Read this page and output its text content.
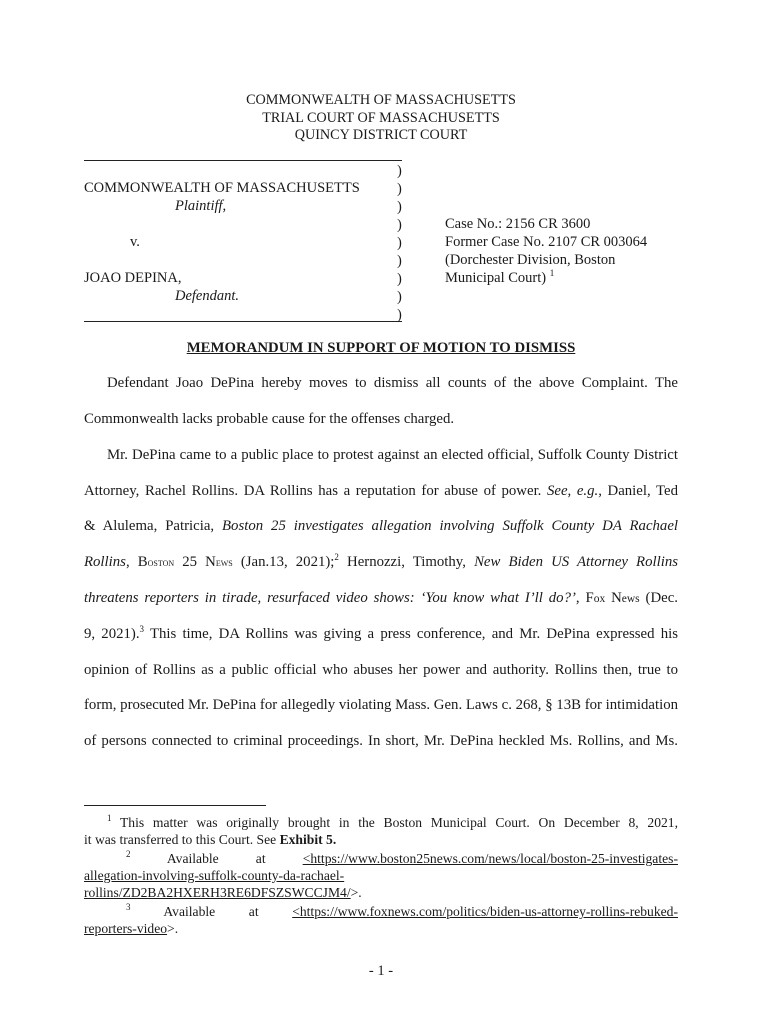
COMMONWEALTH OF MASSACHUSETTS
TRIAL COURT OF MASSACHUSETTS
QUINCY DISTRICT COURT
)
)
)
)
)
)
)
)
)
COMMONWEALTH OF MASSACHUSETTS
Plaintiff,
v.
JOAO DEPINA,
Defendant.
Case No.: 2156 CR 3600
Former Case No. 2107 CR 003064
(Dorchester Division, Boston
Municipal Court) $^1$
MEMORANDUM IN SUPPORT OF MOTION TO DISMISS
Defendant Joao DePina hereby moves to dismiss all counts of the above Complaint. The
Commonwealth lacks probable cause for the offenses charged.
Mr. DePina came to a public place to protest against an elected official, Suffolk County District
Attorney, Rachel Rollins. DA Rollins has a reputation for abuse of power. See, e.g., Daniel, Ted
& Alulema, Patricia, Boston 25 investigates allegation involving Suffolk County DA Rachael
Rollins, Boston 25 News (Jan.13, 2021);$^2$ Hernozzi, Timothy, New Biden US Attorney Rollins
threatens reporters in tirade, resurfaced video shows: ‘You know what I’ll do?’, Fox News (Dec.
9, 2021).$^3$ This time, DA Rollins was giving a press conference, and Mr. DePina expressed his
opinion of Rollins as a public official who abuses her power and authority. Rollins then, true to
form, prosecuted Mr. DePina for allegedly violating Mass. Gen. Laws c. 268, § 13B for intimidation
of persons connected to criminal proceedings. In short, Mr. DePina heckled Ms. Rollins, and Ms.
$^1$ This matter was originally brought in the Boston Municipal Court. On December 8, 2021,
it was transferred to this Court. See Exhibit 5.
$^2$	Available	at	<https://www.boston25news.com/news/local/boston-25-investigates-
allegation-involving-suffolk-county-da-rachael-
rollins/ZD2BA2HXERH3RE6DFSZSWCCJM4/>.
$^3$ Available at <https://www.foxnews.com/politics/biden-us-attorney-rollins-rebuked-
reporters-video>.
- 1 -
